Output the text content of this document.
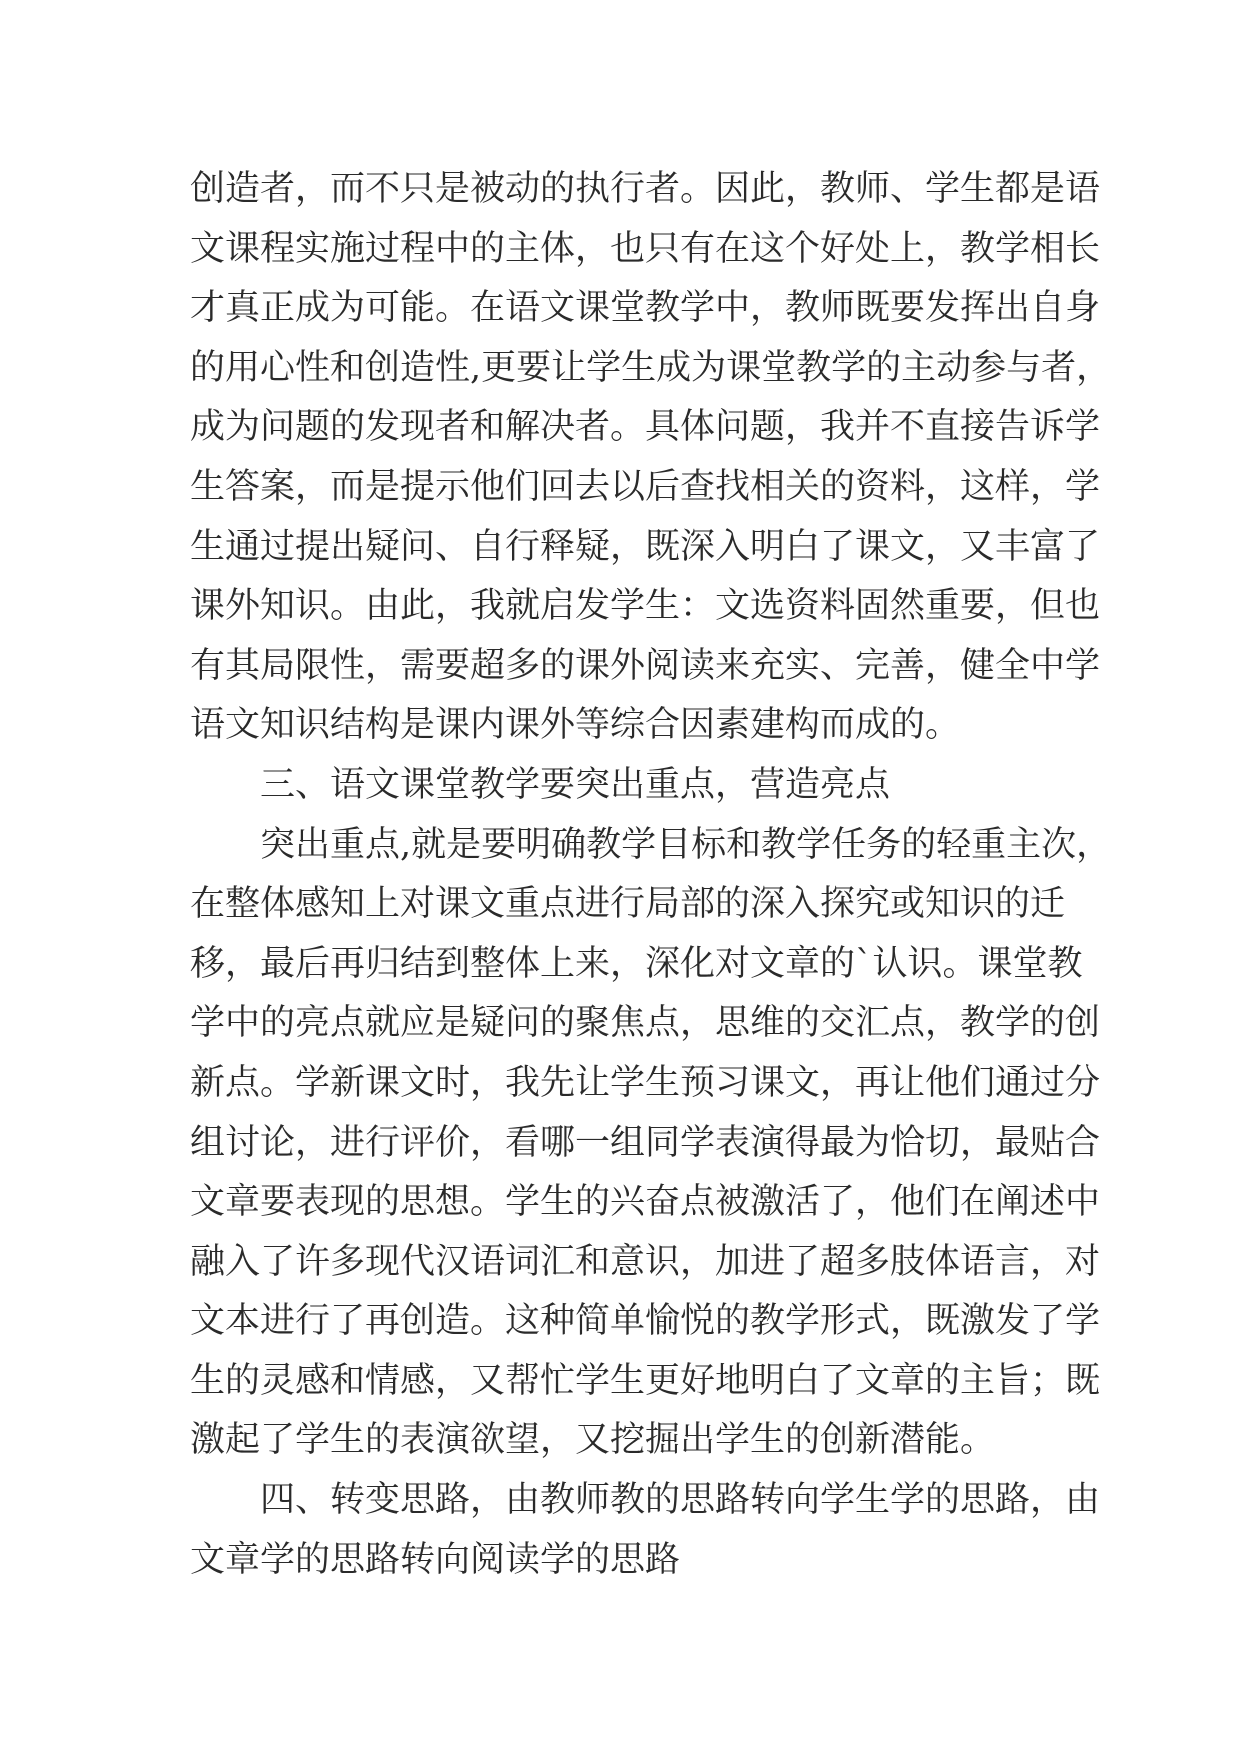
创造者，而不只是被动的执行者。因此，教师、学生都是语
文课程实施过程中的主体，也只有在这个好处上，教学相长
才真正成为可能。在语文课堂教学中，教师既要发挥出自身
的用心性和创造性,更要让学生成为课堂教学的主动参与者，
成为问题的发现者和解决者。具体问题，我并不直接告诉学
生答案，而是提示他们回去以后查找相关的资料，这样，学
生通过提出疑问、自行释疑，既深入明白了课文，又丰富了
课外知识。由此，我就启发学生：文选资料固然重要，但也
有其局限性，需要超多的课外阅读来充实、完善，健全中学
语文知识结构是课内课外等综合因素建构而成的。
三、语文课堂教学要突出重点，营造亮点
突出重点,就是要明确教学目标和教学任务的轻重主次，
在整体感知上对课文重点进行局部的深入探究或知识的迁
移，最后再归结到整体上来，深化对文章的`认识。课堂教
学中的亮点就应是疑问的聚焦点，思维的交汇点，教学的创
新点。学新课文时，我先让学生预习课文，再让他们通过分
组讨论，进行评价，看哪一组同学表演得最为恰切，最贴合
文章要表现的思想。学生的兴奋点被激活了，他们在阐述中
融入了许多现代汉语词汇和意识，加进了超多肢体语言，对
文本进行了再创造。这种简单愉悦的教学形式，既激发了学
生的灵感和情感，又帮忙学生更好地明白了文章的主旨；既
激起了学生的表演欲望，又挖掘出学生的创新潜能。
四、转变思路，由教师教的思路转向学生学的思路，由
文章学的思路转向阅读学的思路
